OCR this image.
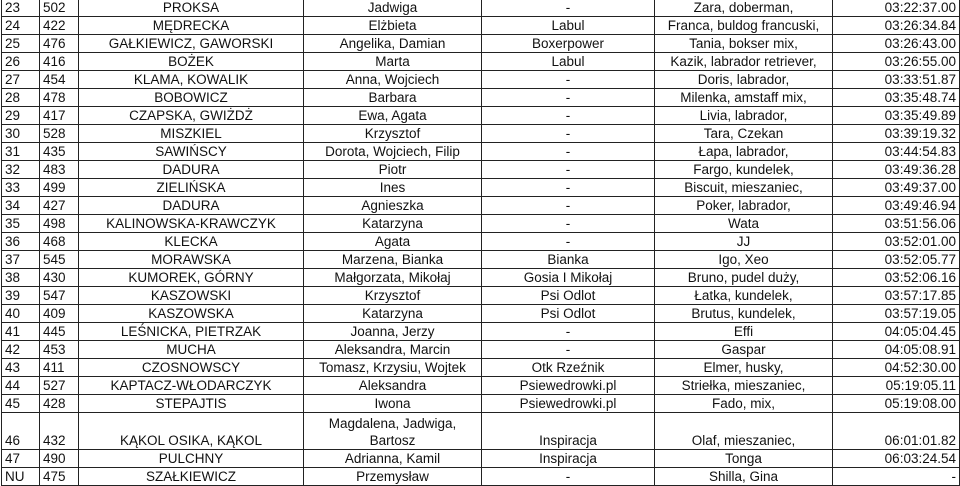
23	502	PROKSA	Jadwiga	-	Zara, doberman,	03:22:37.00
24	422	MĘDRECKA	Elżbieta	Labul	Franca, buldog francuski,	03:26:34.84
25	476	GAŁKIEWICZ, GAWORSKI	Angelika, Damian	Boxerpower	Tania, bokser mix,	03:26:43.00
26	416	BOŻEK	Marta	Labul	Kazik, labrador retriever,	03:26:55.00
27	454	KLAMA, KOWALIK	Anna, Wojciech	-	Doris, labrador,	03:33:51.87
28	478	BOBOWICZ	Barbara	-	Milenka, amstaff mix,	03:35:48.74
29	417	CZAPSKA, GWIŻDŻ	Ewa, Agata	-	Livia, labrador,	03:35:49.89
30	528	MISZKIEL	Krzysztof	-	Tara, Czekan	03:39:19.32
31	435	SAWIŃSCY	Dorota, Wojciech, Filip	-	Łapa, labrador,	03:44:54.83
32	483	DADURA	Piotr	-	Fargo, kundelek,	03:49:36.28
33	499	ZIELIŃSKA	Ines	-	Biscuit, mieszaniec,	03:49:37.00
34	427	DADURA	Agnieszka	-	Poker, labrador,	03:49:46.94
35	498	KALINOWSKA-KRAWCZYK	Katarzyna	-	Wata	03:51:56.06
36	468	KLECKA	Agata	-	JJ	03:52:01.00
37	545	MORAWSKA	Marzena, Bianka	Bianka	Igo, Xeo	03:52:05.77
38	430	KUMOREK, GÓRNY	Małgorzata, Mikołaj	Gosia I Mikołaj	Bruno, pudel duży,	03:52:06.16
39	547	KASZOWSKI	Krzysztof	Psi Odlot	Łatka, kundelek,	03:57:17.85
40	409	KASZOWSKA	Katarzyna	Psi Odlot	Brutus, kundelek,	03:57:19.05
41	445	LEŚNICKA, PIETRZAK	Joanna, Jerzy	-	Effi	04:05:04.45
42	453	MUCHA	Aleksandra, Marcin	-	Gaspar	04:05:08.91
43	411	CZOSNOWSCY	Tomasz, Krzysiu, Wojtek	Otk Rzeźnik	Elmer, husky,	04:52:30.00
44	527	KAPTACZ-WŁODARCZYK	Aleksandra	Psiewedrowki.pl	Striełka, mieszaniec,	05:19:05.11
45	428	STEPAJTIS	Iwona	Psiewedrowki.pl	Fado, mix,	05:19:08.00
46	432	KĄKOL OSIKA, KĄKOL	Magdalena, Jadwiga, Bartosz	Inspiracja	Olaf, mieszaniec,	06:01:01.82
47	490	PULCHNY	Adrianna, Kamil	Inspiracja	Tonga	06:03:24.54
NU	475	SZAŁKIEWICZ	Przemysław	-	Shilla, Gina	-
